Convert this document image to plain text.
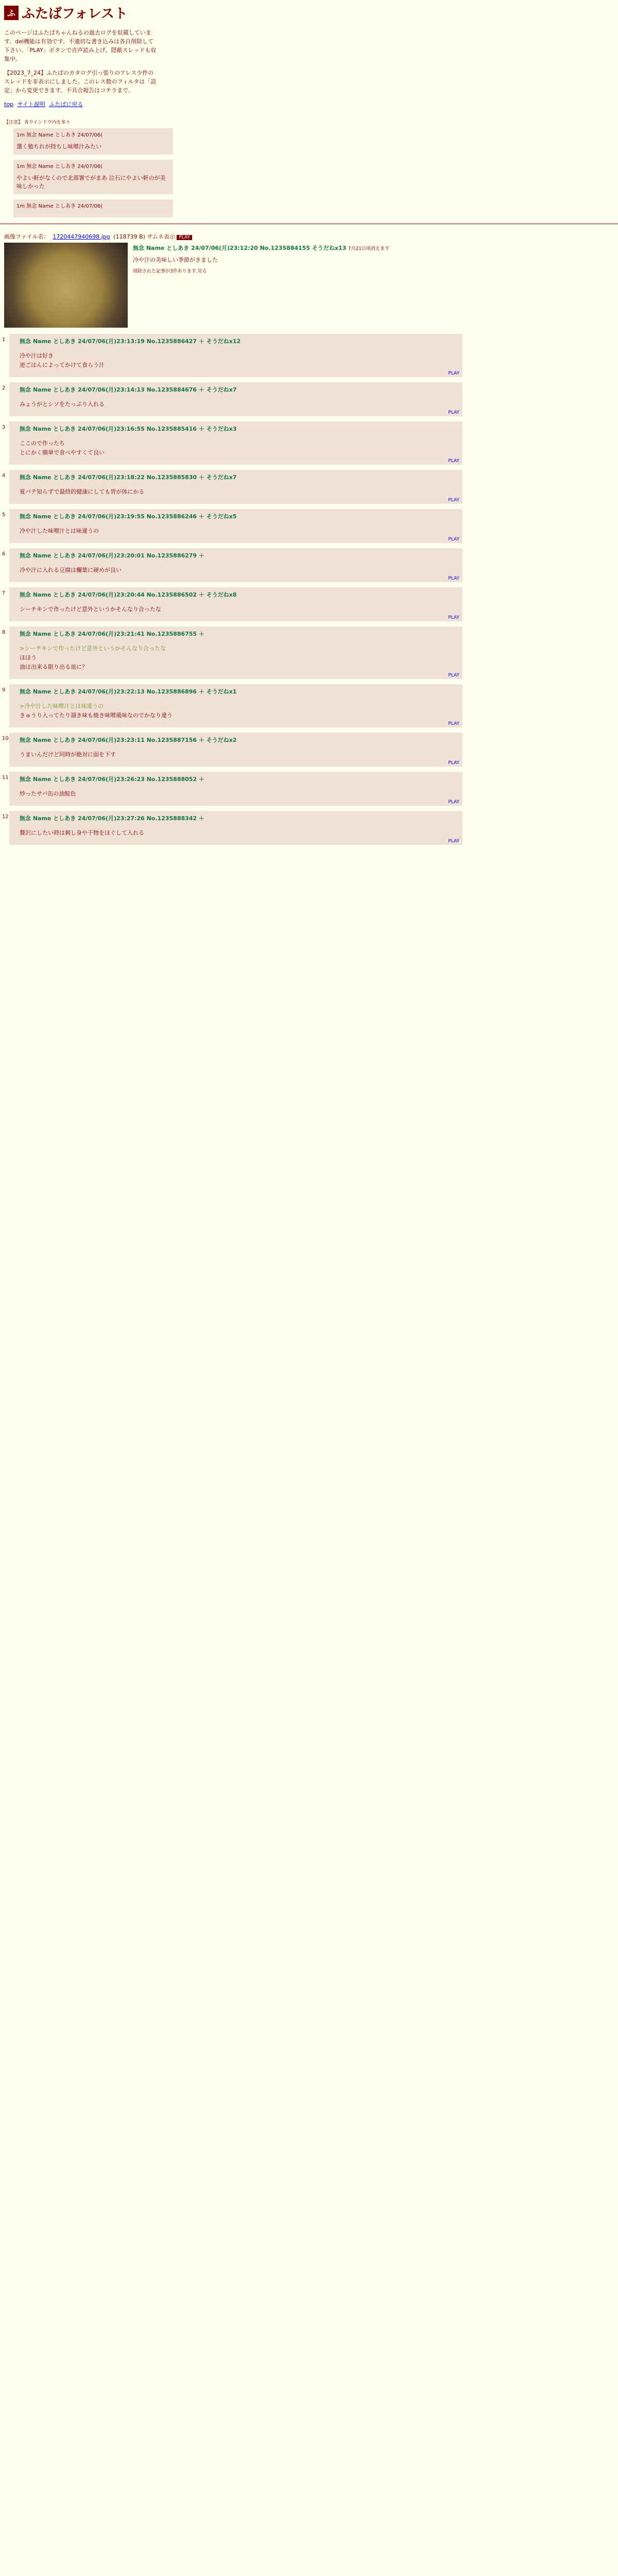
ふ ふたばフォレスト

このページはふたばちゃんねるの過去ログを収蔵しています。del機能は有効です。不適切な書き込みは各自削除して下さい。「PLAY」ボタンで音声読み上げ、隠蔽スレッドも収集中。

【2023_7_24】ふたばのカタログ引っ張りのアレス少件のスレッドを非表示にしました。このレス数のフィルタは「設定」から変更できます。不具合報告はコチラまで。

top サイト説明 ふたばに戻る
【注意】 各ウインドウ内を多々
1m 無念 Name としあき 24/07/06(
選く勉ちれが持ちし味噌汁みたい
1m 無念 Name としあき 24/07/06(
やよい軒がなくので北部署でがまあ 泣石にやよい軒のが美味しかった
1m 無念 Name としあき 24/07/06(
画像ファイル名： 1720447940698.jpg (118739 B) サムネ表示 PLAY
無念 Name としあき 24/07/06(月)23:12:20 No.1235884155 そうだねx13 7月21日頃消えます
冷や汁の美味しい季節がきました
削除された記事が3件あります.見る
1	無念 Name としあき 24/07/06(月)23:13:19 No.1235886427 ＋ そうだねx12
冷や汁は好き
逆ごはんによってかけて食らう汁
PLAY
2	無念 Name としあき 24/07/06(月)23:14:13 No.1235884676 ＋ そうだねx7
みょうがとシソをたっぷり入れる
PLAY
3	無念 Name としあき 24/07/06(月)23:16:55 No.1235885416 ＋ そうだねx3
ここので作ったち
とにかく簡単で食べやすくて良い
PLAY
4	無念 Name としあき 24/07/06(月)23:18:22 No.1235885830 ＋ そうだねx7
夏バテ知らずで最終的健康にしても胃が体にかる
PLAY
5	無念 Name としあき 24/07/06(月)23:19:55 No.1235886246 ＋ そうだねx5
冷や汁した味噌汁とは味違うの
PLAY
6	無念 Name としあき 24/07/06(月)23:20:01 No.1235886279 ＋
冷や汁に入れる豆腐は欄葉に硬めが良い
PLAY
7	無念 Name としあき 24/07/06(月)23:20:44 No.1235886502 ＋ そうだねx8
シーチキンで作ったけど意外というかそんなり合ったな
PLAY
8	無念 Name としあき 24/07/06(月)23:21:41 No.1235886755 ＋
>シーチキンで作ったけど意外というかそんなり合ったな
ほほう
油は出来る限り出る皿に？
PLAY
9	無念 Name としあき 24/07/06(月)23:22:13 No.1235886896 ＋ そうだねx1
>冷や汁した味噌汁とは味違うの
きゅうり入ってたり溜き味も焼き味噌風味なのでかなり違う
PLAY
10 無念 Name としあき 24/07/06(月)23:23:11 No.1235887156 ＋ そうだねx2
うまいんだけど同時が絶対に面を下す
PLAY
11 無念 Name としあき 24/07/06(月)23:26:23 No.1235888052 ＋
炒ったサバ缶の油鮭色
PLAY
12 無念 Name としあき 24/07/06(月)23:27:26 No.1235888342 ＋
贅沢にしたい時は刺し身や干物をほぐして入れる
PLAY
